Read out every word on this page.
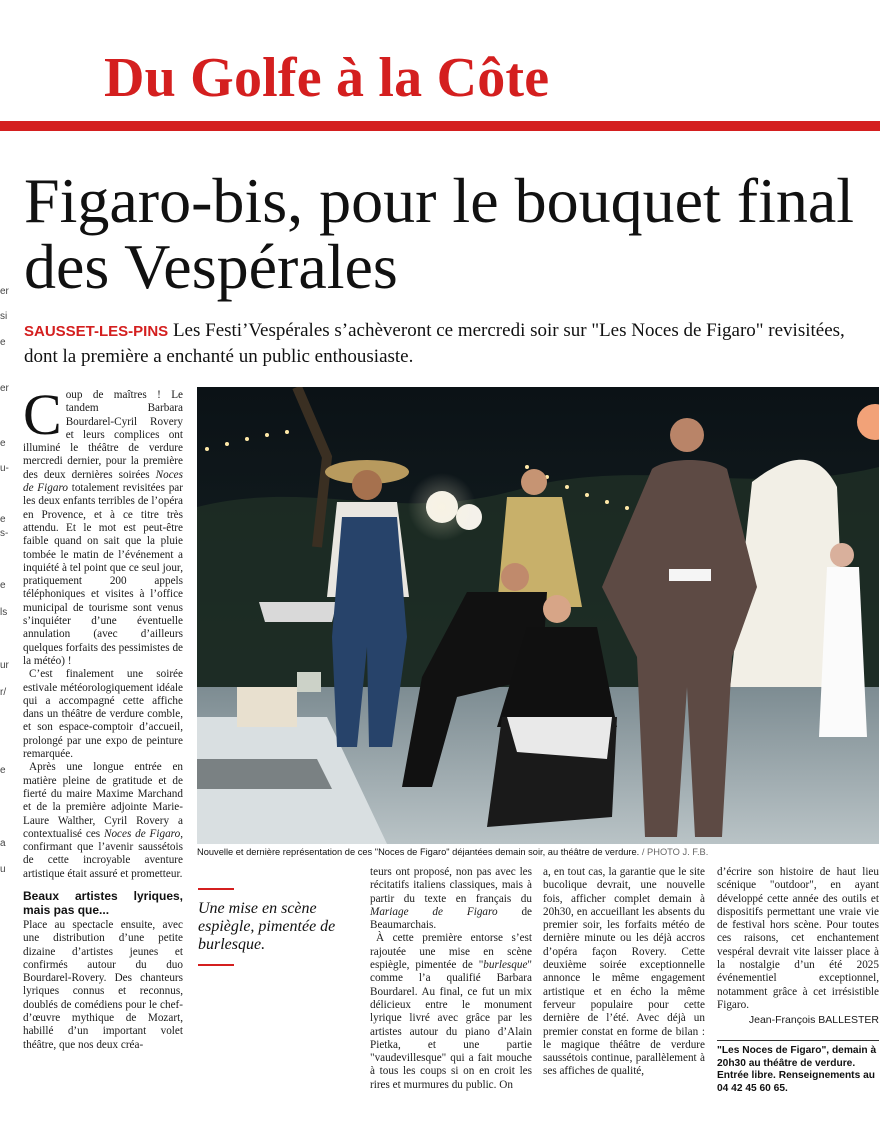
Du Golfe à la Côte
Figaro-bis, pour le bouquet final des Vespérales
SAUSSET-LES-PINS Les Festi’Vespérales s’achèveront ce mercredi soir sur "Les Noces de Figaro" revisitées, dont la première a enchanté un public enthousiaste.
er
si
e
er
e
u-
e
s-
e
ls
ur
r/
e
a
u

Coup de maîtres ! Le tandem Barbara Bourdarel-Cyril Rovery et leurs complices ont illuminé le théâtre de verdure mercredi dernier, pour la première des deux dernières soirées Noces de Figaro totalement revisitées par les deux enfants terribles de l’opéra en Provence, et à ce titre très attendu. Et le mot est peut-être faible quand on sait que la pluie tombée le matin de l’événement a inquiété à tel point que ce seul jour, pratiquement 200 appels téléphoniques et visites à l’office municipal de tourisme sont venus s’inquiéter d’une éventuelle annulation (avec d’ailleurs quelques forfaits des pessimistes de la météo) !

C’est finalement une soirée estivale météorologiquement idéale qui a accompagné cette affiche dans un théâtre de verdure comble, et son espace-comptoir d’accueil, prolongé par une expo de peinture remarquée.

Après une longue entrée en matière pleine de gratitude et de fierté du maire Maxime Marchand et de la première adjointe Marie-Laure Walther, Cyril Rovery a contextualisé ces Noces de Figaro, confirmant que l’avenir saussétois de cette incroyable aventure artistique était assuré et prometteur.

Beaux artistes lyriques, mais pas que...

Place au spectacle ensuite, avec une distribution d’une petite dizaine d’artistes jeunes et confirmés autour du duo Bourdarel-Rovery. Des chanteurs lyriques connus et reconnus, doublés de comédiens pour le chef-d’œuvre mythique de Mozart, habillé d’un important volet théâtre, que nos deux créa-

Nouvelle et dernière représentation de ces "Noces de Figaro" déjantées demain soir, au théâtre de verdure. / PHOTO J. F.B.
Une mise en scène espiègle, pimentée de burlesque.

teurs ont proposé, non pas avec les récitatifs italiens classiques, mais à partir du texte en français du Mariage de Figaro de Beaumarchais.

À cette première entorse s’est rajoutée une mise en scène espiègle, pimentée de "burlesque" comme l’a qualifié Barbara Bourdarel. Au final, ce fut un mix délicieux entre le monument lyrique livré avec grâce par les artistes autour du piano d’Alain Pietka, et une partie "vaudevillesque" qui a fait mouche à tous les coups si on en croit les rires et murmures du public. On

a, en tout cas, la garantie que le site bucolique devrait, une nouvelle fois, afficher complet demain à 20h30, en accueillant les absents du premier soir, les forfaits météo de dernière minute ou les déjà accros d’opéra façon Rovery. Cette deuxième soirée exceptionnelle annonce le même engagement artistique et en écho la même ferveur populaire pour cette dernière de l’été. Avec déjà un premier constat en forme de bilan : le magique théâtre de verdure saussétois continue, parallèlement à ses affiches de qualité,

d’écrire son histoire de haut lieu scénique "outdoor", en ayant développé cette année des outils et dispositifs permettant une vraie vie de festival hors scène. Pour toutes ces raisons, cet enchantement vespéral devrait vite laisser place à la nostalgie d’un été 2025 événementiel exceptionnel, notamment grâce à cet irrésistible Figaro.

Jean-François BALLESTER
"Les Noces de Figaro", demain à 20h30 au théâtre de verdure. Entrée libre. Renseignements au 04 42 45 60 65.
